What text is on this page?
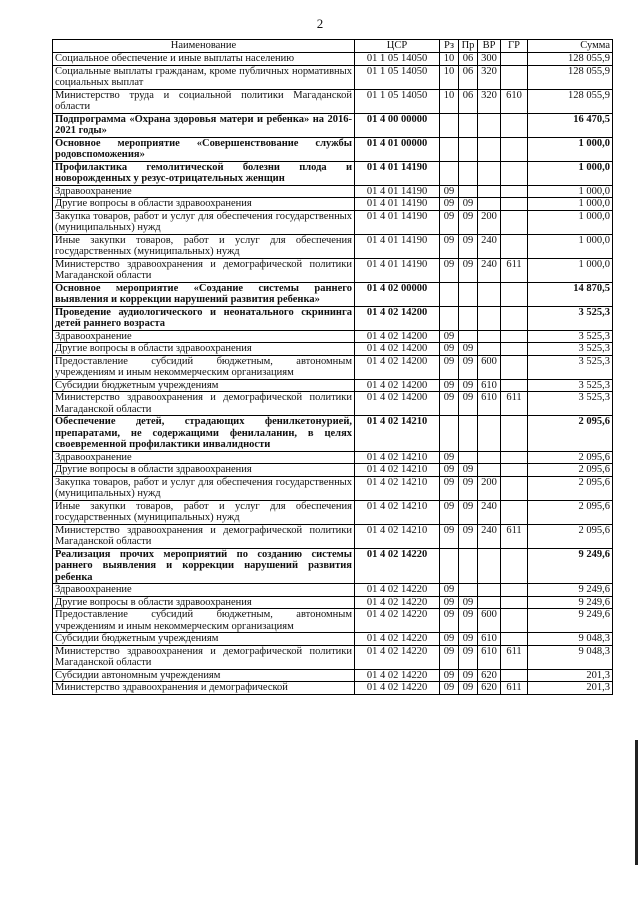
2
Наименование	ЦСР	Рз	Пр	ВР	ГР	Сумма
Социальное обеспечение и иные выплаты населению	01 1 05 14050	10	06	300		128 055,9
Социальные выплаты гражданам, кроме публичных нормативных социальных выплат	01 1 05 14050	10	06	320		128 055,9
Министерство труда и социальной политики Магаданской области	01 1 05 14050	10	06	320	610	128 055,9
Подпрограмма «Охрана здоровья матери и ребенка» на 2016-2021 годы»	01 4 00 00000					16 470,5
Основное мероприятие «Совершенствование службы родовспоможения»	01 4 01 00000					1 000,0
Профилактика гемолитической болезни плода и новорожденных у резус-отрицательных женщин	01 4 01 14190					1 000,0
Здравоохранение	01 4 01 14190	09				1 000,0
Другие вопросы в области здравоохранения	01 4 01 14190	09	09			1 000,0
Закупка товаров, работ и услуг для обеспечения государственных (муниципальных) нужд	01 4 01 14190	09	09	200		1 000,0
Иные закупки товаров, работ и услуг для обеспечения государственных (муниципальных) нужд	01 4 01 14190	09	09	240		1 000,0
Министерство здравоохранения и демографической политики Магаданской области	01 4 01 14190	09	09	240	611	1 000,0
Основное мероприятие «Создание системы раннего выявления и коррекции нарушений развития ребенка»	01 4 02 00000					14 870,5
Проведение аудиологического и неонатального скрининга детей раннего возраста	01 4 02 14200					3 525,3
Здравоохранение	01 4 02 14200	09				3 525,3
Другие вопросы в области здравоохранения	01 4 02 14200	09	09			3 525,3
Предоставление субсидий бюджетным, автономным учреждениям и иным некоммерческим организациям	01 4 02 14200	09	09	600		3 525,3
Субсидии бюджетным учреждениям	01 4 02 14200	09	09	610		3 525,3
Министерство здравоохранения и демографической политики Магаданской области	01 4 02 14200	09	09	610	611	3 525,3
Обеспечение детей, страдающих фенилкетонурией, препаратами, не содержащими фенилаланин, в целях своевременной профилактики инвалидности	01 4 02 14210					2 095,6
Здравоохранение	01 4 02 14210	09				2 095,6
Другие вопросы в области здравоохранения	01 4 02 14210	09	09			2 095,6
Закупка товаров, работ и услуг для обеспечения государственных (муниципальных) нужд	01 4 02 14210	09	09	200		2 095,6
Иные закупки товаров, работ и услуг для обеспечения государственных (муниципальных) нужд	01 4 02 14210	09	09	240		2 095,6
Министерство здравоохранения и демографической политики Магаданской области	01 4 02 14210	09	09	240	611	2 095,6
Реализация прочих мероприятий по созданию системы раннего выявления и коррекции нарушений развития ребенка	01 4 02 14220					9 249,6
Здравоохранение	01 4 02 14220	09				9 249,6
Другие вопросы в области здравоохранения	01 4 02 14220	09	09			9 249,6
Предоставление субсидий бюджетным, автономным учреждениям и иным некоммерческим организациям	01 4 02 14220	09	09	600		9 249,6
Субсидии бюджетным учреждениям	01 4 02 14220	09	09	610		9 048,3
Министерство здравоохранения и демографической политики Магаданской области	01 4 02 14220	09	09	610	611	9 048,3
Субсидии автономным учреждениям	01 4 02 14220	09	09	620		201,3
Министерство здравоохранения и демографической	01 4 02 14220	09	09	620	611	201,3
